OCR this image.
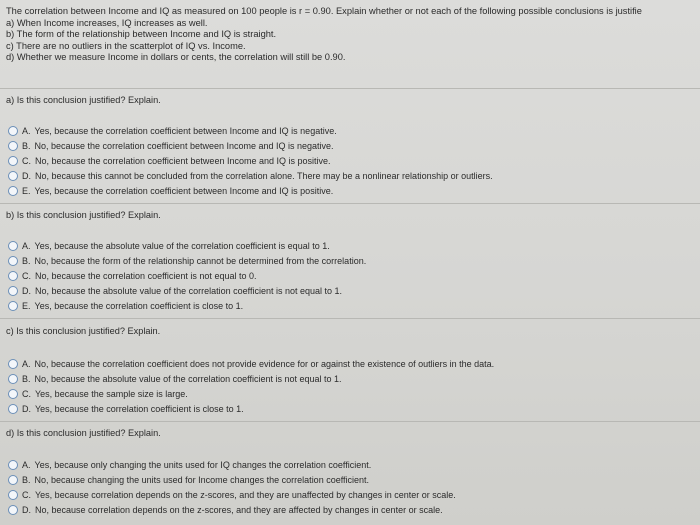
The correlation between Income and IQ as measured on 100 people is r = 0.90. Explain whether or not each of the following possible conclusions is justifie
a) When Income increases, IQ increases as well.
b) The form of the relationship between Income and IQ is straight.
c) There are no outliers in the scatterplot of IQ vs. Income.
d) Whether we measure Income in dollars or cents, the correlation will still be 0.90.
a) Is this conclusion justified? Explain.
A. Yes, because the correlation coefficient between Income and IQ is negative.
B. No, because the correlation coefficient between Income and IQ is negative.
C. No, because the correlation coefficient between Income and IQ is positive.
D. No, because this cannot be concluded from the correlation alone. There may be a nonlinear relationship or outliers.
E. Yes, because the correlation coefficient between Income and IQ is positive.
b) Is this conclusion justified? Explain.
A. Yes, because the absolute value of the correlation coefficient is equal to 1.
B. No, because the form of the relationship cannot be determined from the correlation.
C. No, because the correlation coefficient is not equal to 0.
D. No, because the absolute value of the correlation coefficient is not equal to 1.
E. Yes, because the correlation coefficient is close to 1.
c) Is this conclusion justified? Explain.
A. No, because the correlation coefficient does not provide evidence for or against the existence of outliers in the data.
B. No, because the absolute value of the correlation coefficient is not equal to 1.
C. Yes, because the sample size is large.
D. Yes, because the correlation coefficient is close to 1.
d) Is this conclusion justified? Explain.
A. Yes, because only changing the units used for IQ changes the correlation coefficient.
B. No, because changing the units used for Income changes the correlation coefficient.
C. Yes, because correlation depends on the z-scores, and they are unaffected by changes in center or scale.
D. No, because correlation depends on the z-scores, and they are affected by changes in center or scale.
